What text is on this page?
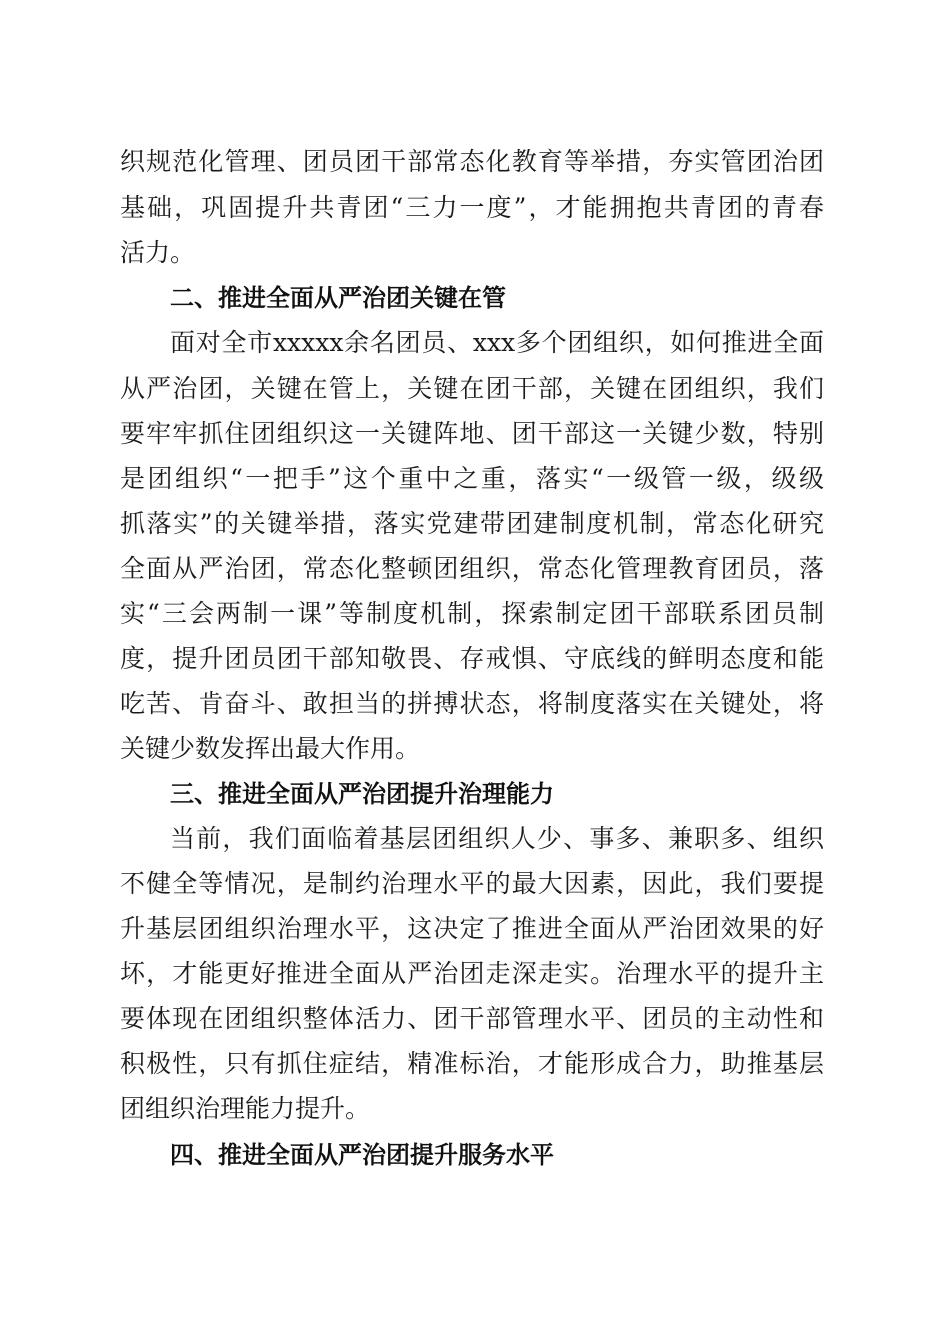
织规范化管理、团员团干部常态化教育等举措，夯实管团治团
基础，巩固提升共青团“三力一度”，才能拥抱共青团的青春
活力。
二、推进全面从严治团关键在管
面对全市xxxxx余名团员、xxx多个团组织，如何推进全面
从严治团，关键在管上，关键在团干部，关键在团组织，我们
要牢牢抓住团组织这一关键阵地、团干部这一关键少数，特别
是团组织“一把手”这个重中之重，落实“一级管一级，级级
抓落实”的关键举措，落实党建带团建制度机制，常态化研究
全面从严治团，常态化整顿团组织，常态化管理教育团员，落
实“三会两制一课”等制度机制，探索制定团干部联系团员制
度，提升团员团干部知敬畏、存戒惧、守底线的鲜明态度和能
吃苦、肯奋斗、敢担当的拼搏状态，将制度落实在关键处，将
关键少数发挥出最大作用。
三、推进全面从严治团提升治理能力
当前，我们面临着基层团组织人少、事多、兼职多、组织
不健全等情况，是制约治理水平的最大因素，因此，我们要提
升基层团组织治理水平，这决定了推进全面从严治团效果的好
坏，才能更好推进全面从严治团走深走实。治理水平的提升主
要体现在团组织整体活力、团干部管理水平、团员的主动性和
积极性，只有抓住症结，精准标治，才能形成合力，助推基层
团组织治理能力提升。
四、推进全面从严治团提升服务水平
